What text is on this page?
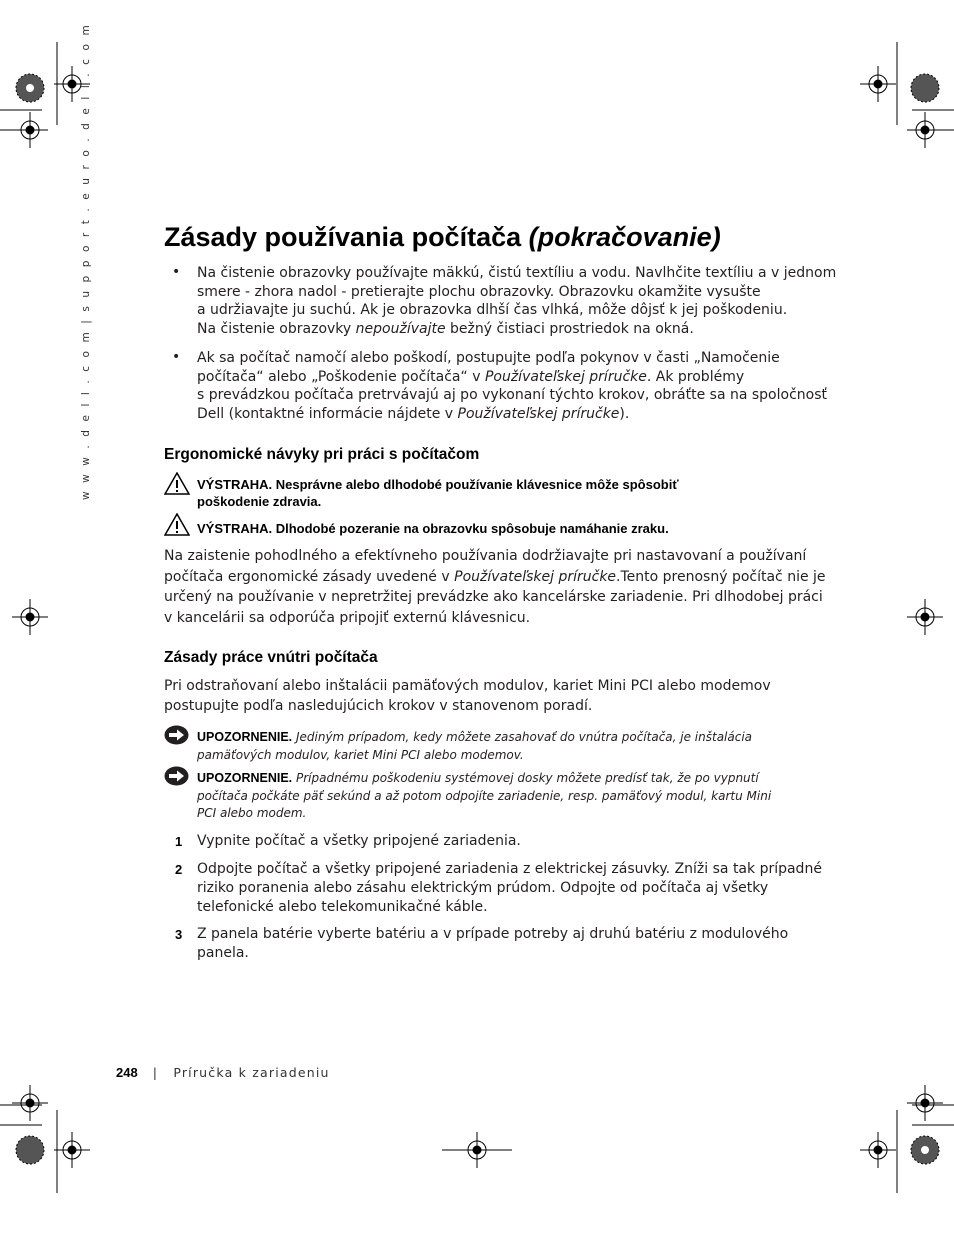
w w w . d e l l . c o m | s u p p o r t . e u r o . d e l l . c o m	Zásady používania počítača (pokračovanie)
• Na čistenie obrazovky používajte mäkkú, čistú textíliu a vodu. Navlhčite textíliu a v jednom
smere - zhora nadol - pretierajte plochu obrazovky. Obrazovku okamžite vysušte
a udržiavajte ju suchú. Ak je obrazovka dlhší čas vlhká, môže dôjsť k jej poškodeniu.
Na čistenie obrazovky nepoužívajte bežný čistiaci prostriedok na okná.
• Ak sa počítač namočí alebo poškodí, postupujte podľa pokynov v časti „Namočenie
počítača“ alebo „Poškodenie počítača“ v Používateľskej príručke. Ak problémy
s prevádzkou počítača pretrvávajú aj po vykonaní týchto krokov, obráťte sa na spoločnosť
Dell (kontaktné informácie nájdete v Používateľskej príručke).
Ergonomické návyky pri práci s počítačom
VÝSTRAHA. Nesprávne alebo dlhodobé používanie klávesnice môže spôsobiť
poškodenie zdravia.
VÝSTRAHA. Dlhodobé pozeranie na obrazovku spôsobuje namáhanie zraku.
Na zaistenie pohodlného a efektívneho používania dodržiavajte pri nastavovaní a používaní
počítača ergonomické zásady uvedené v Používateľskej príručke.Tento prenosný počítač nie je
určený na používanie v nepretržitej prevádzke ako kancelárske zariadenie. Pri dlhodobej práci
v kancelárii sa odporúča pripojiť externú klávesnicu.
Zásady práce vnútri počítača
Pri odstraňovaní alebo inštalácii pamäťových modulov, kariet Mini PCI alebo modemov
postupujte podľa nasledujúcich krokov v stanovenom poradí.
UPOZORNENIE. Jediným prípadom, kedy môžete zasahovať do vnútra počítača, je inštalácia
pamäťových modulov, kariet Mini PCI alebo modemov.
UPOZORNENIE. Prípadnému poškodeniu systémovej dosky môžete predísť tak, že po vypnutí
počítača počkáte päť sekúnd a až potom odpojíte zariadenie, resp. pamäťový modul, kartu Mini
PCI alebo modem.
1 Vypnite počítač a všetky pripojené zariadenia.
2 Odpojte počítač a všetky pripojené zariadenia z elektrickej zásuvky. Zníži sa tak prípadné
riziko poranenia alebo zásahu elektrickým prúdom. Odpojte od počítača aj všetky
telefonické alebo telekomunikačné káble.
3 Z panela batérie vyberte batériu a v prípade potreby aj druhú batériu z modulového
panela.
248 | Príručka k zariadeniu
